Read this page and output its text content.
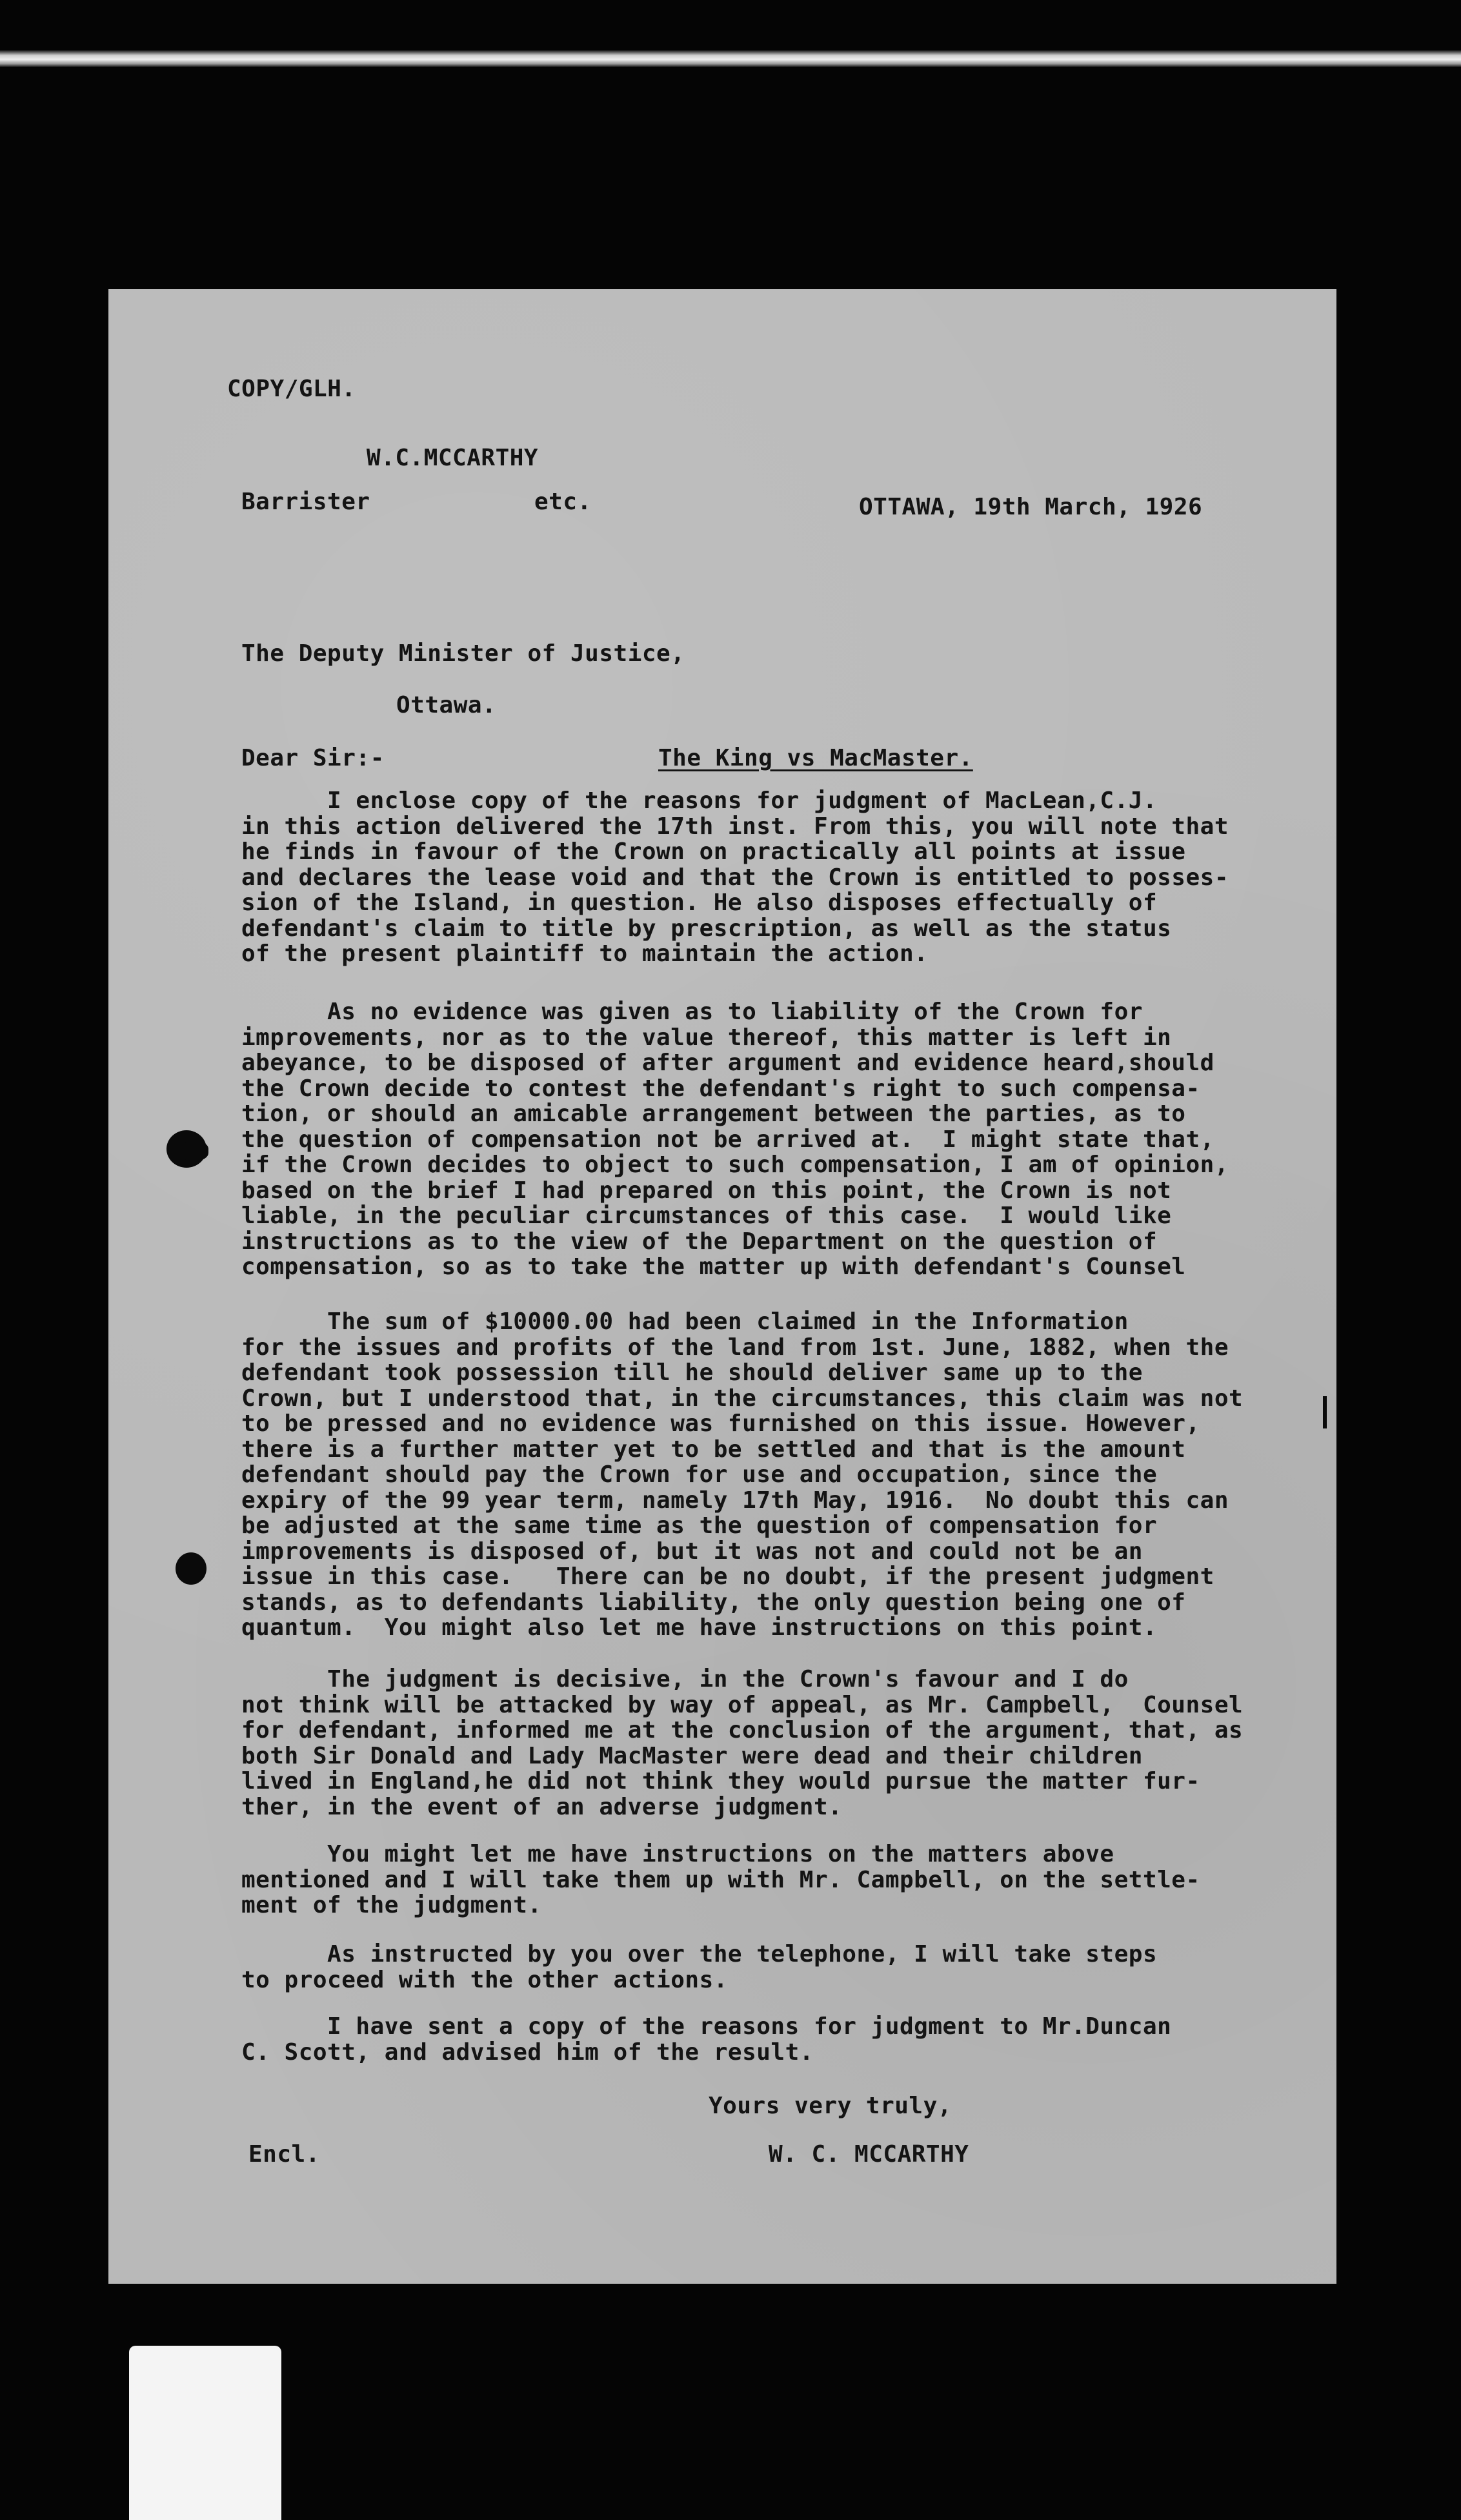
COPY/GLH.

W.C.MCCARTHY

Barrister	etc.	OTTAWA, 19th March, 1926

The Deputy Minister of Justice,

Ottawa.

Dear Sir:-	The King vs MacMaster.

I enclose copy of the reasons for judgment of MacLean,C.J.
in this action delivered the 17th inst. From this, you will note that
he finds in favour of the Crown on practically all points at issue
and declares the lease void and that the Crown is entitled to posses-
sion of the Island, in question. He also disposes effectually of
defendant's claim to title by prescription, as well as the status
of the present plaintiff to maintain the action.
As no evidence was given as to liability of the Crown for
improvements, nor as to the value thereof, this matter is left in
abeyance, to be disposed of after argument and evidence heard,should
the Crown decide to contest the defendant's right to such compensa-
tion, or should an amicable arrangement between the parties, as to
the question of compensation not be arrived at.  I might state that,
if the Crown decides to object to such compensation, I am of opinion,
based on the brief I had prepared on this point, the Crown is not
liable, in the peculiar circumstances of this case.  I would like
instructions as to the view of the Department on the question of
compensation, so as to take the matter up with defendant's Counsel
The sum of $10000.00 had been claimed in the Information
for the issues and profits of the land from 1st. June, 1882, when the
defendant took possession till he should deliver same up to the
Crown, but I understood that, in the circumstances, this claim was not
to be pressed and no evidence was furnished on this issue. However,
there is a further matter yet to be settled and that is the amount
defendant should pay the Crown for use and occupation, since the
expiry of the 99 year term, namely 17th May, 1916.  No doubt this can
be adjusted at the same time as the question of compensation for
improvements is disposed of, but it was not and could not be an
issue in this case.   There can be no doubt, if the present judgment
stands, as to defendants liability, the only question being one of
quantum.  You might also let me have instructions on this point.
The judgment is decisive, in the Crown's favour and I do
not think will be attacked by way of appeal, as Mr. Campbell,  Counsel
for defendant, informed me at the conclusion of the argument, that, as
both Sir Donald and Lady MacMaster were dead and their children
lived in England,he did not think they would pursue the matter fur-
ther, in the event of an adverse judgment.
You might let me have instructions on the matters above
mentioned and I will take them up with Mr. Campbell, on the settle-
ment of the judgment.
As instructed by you over the telephone, I will take steps
to proceed with the other actions.
I have sent a copy of the reasons for judgment to Mr.Duncan
C. Scott, and advised him of the result.

Yours very truly,

Encl.	W. C. MCCARTHY
